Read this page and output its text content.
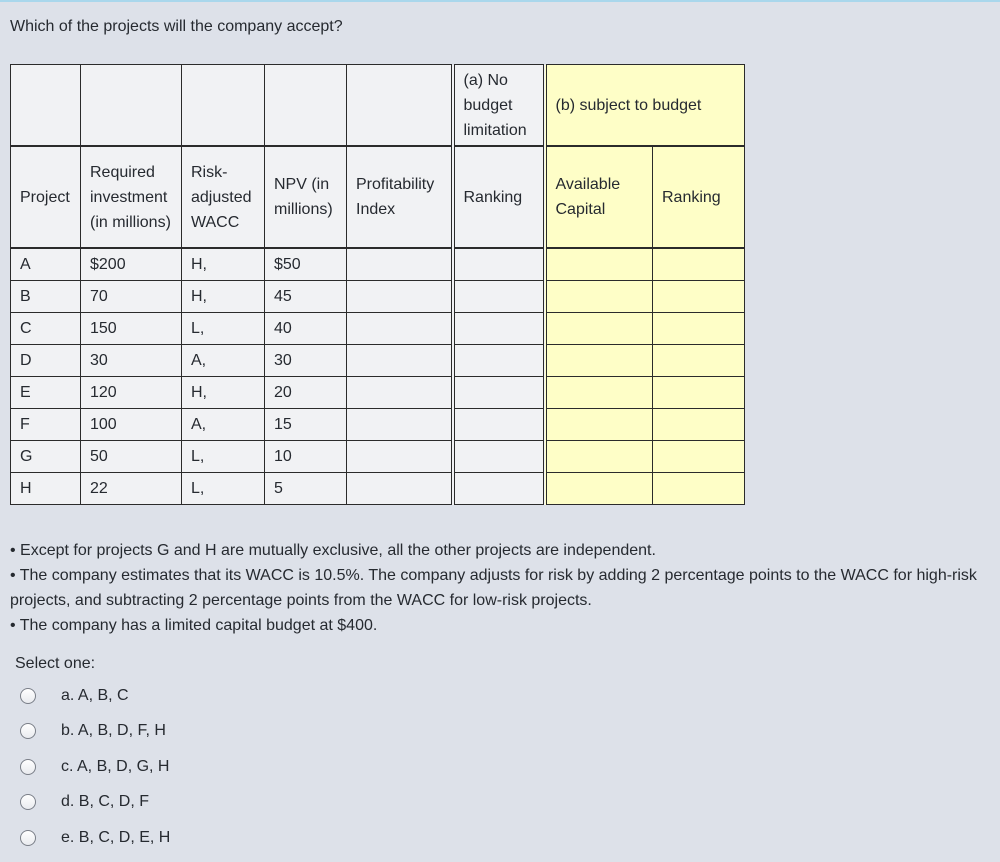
Which of the projects will the company accept?

					(a) No budget limitation	(b) subject to budget	
Project	Required investment (in millions)	Risk-adjusted WACC	NPV (in millions)	Profitability Index	Ranking	Available Capital	Ranking
A	$200	H,	$50				
B	70	H,	45				
C	150	L,	40				
D	30	A,	30				
E	120	H,	20				
F	100	A,	15				
G	50	L,	10				
H	22	L,	5				

• Except for projects G and H are mutually exclusive, all the other projects are independent.

• The company estimates that its WACC is 10.5%. The company adjusts for risk by adding 2 percentage points to the WACC for high-risk projects, and subtracting 2 percentage points from the WACC for low-risk projects.

• The company has a limited capital budget at $400.

Select one:
a. A, B, C
b. A, B, D, F, H
c. A, B, D, G, H
d. B, C, D, F
e. B, C, D, E, H
